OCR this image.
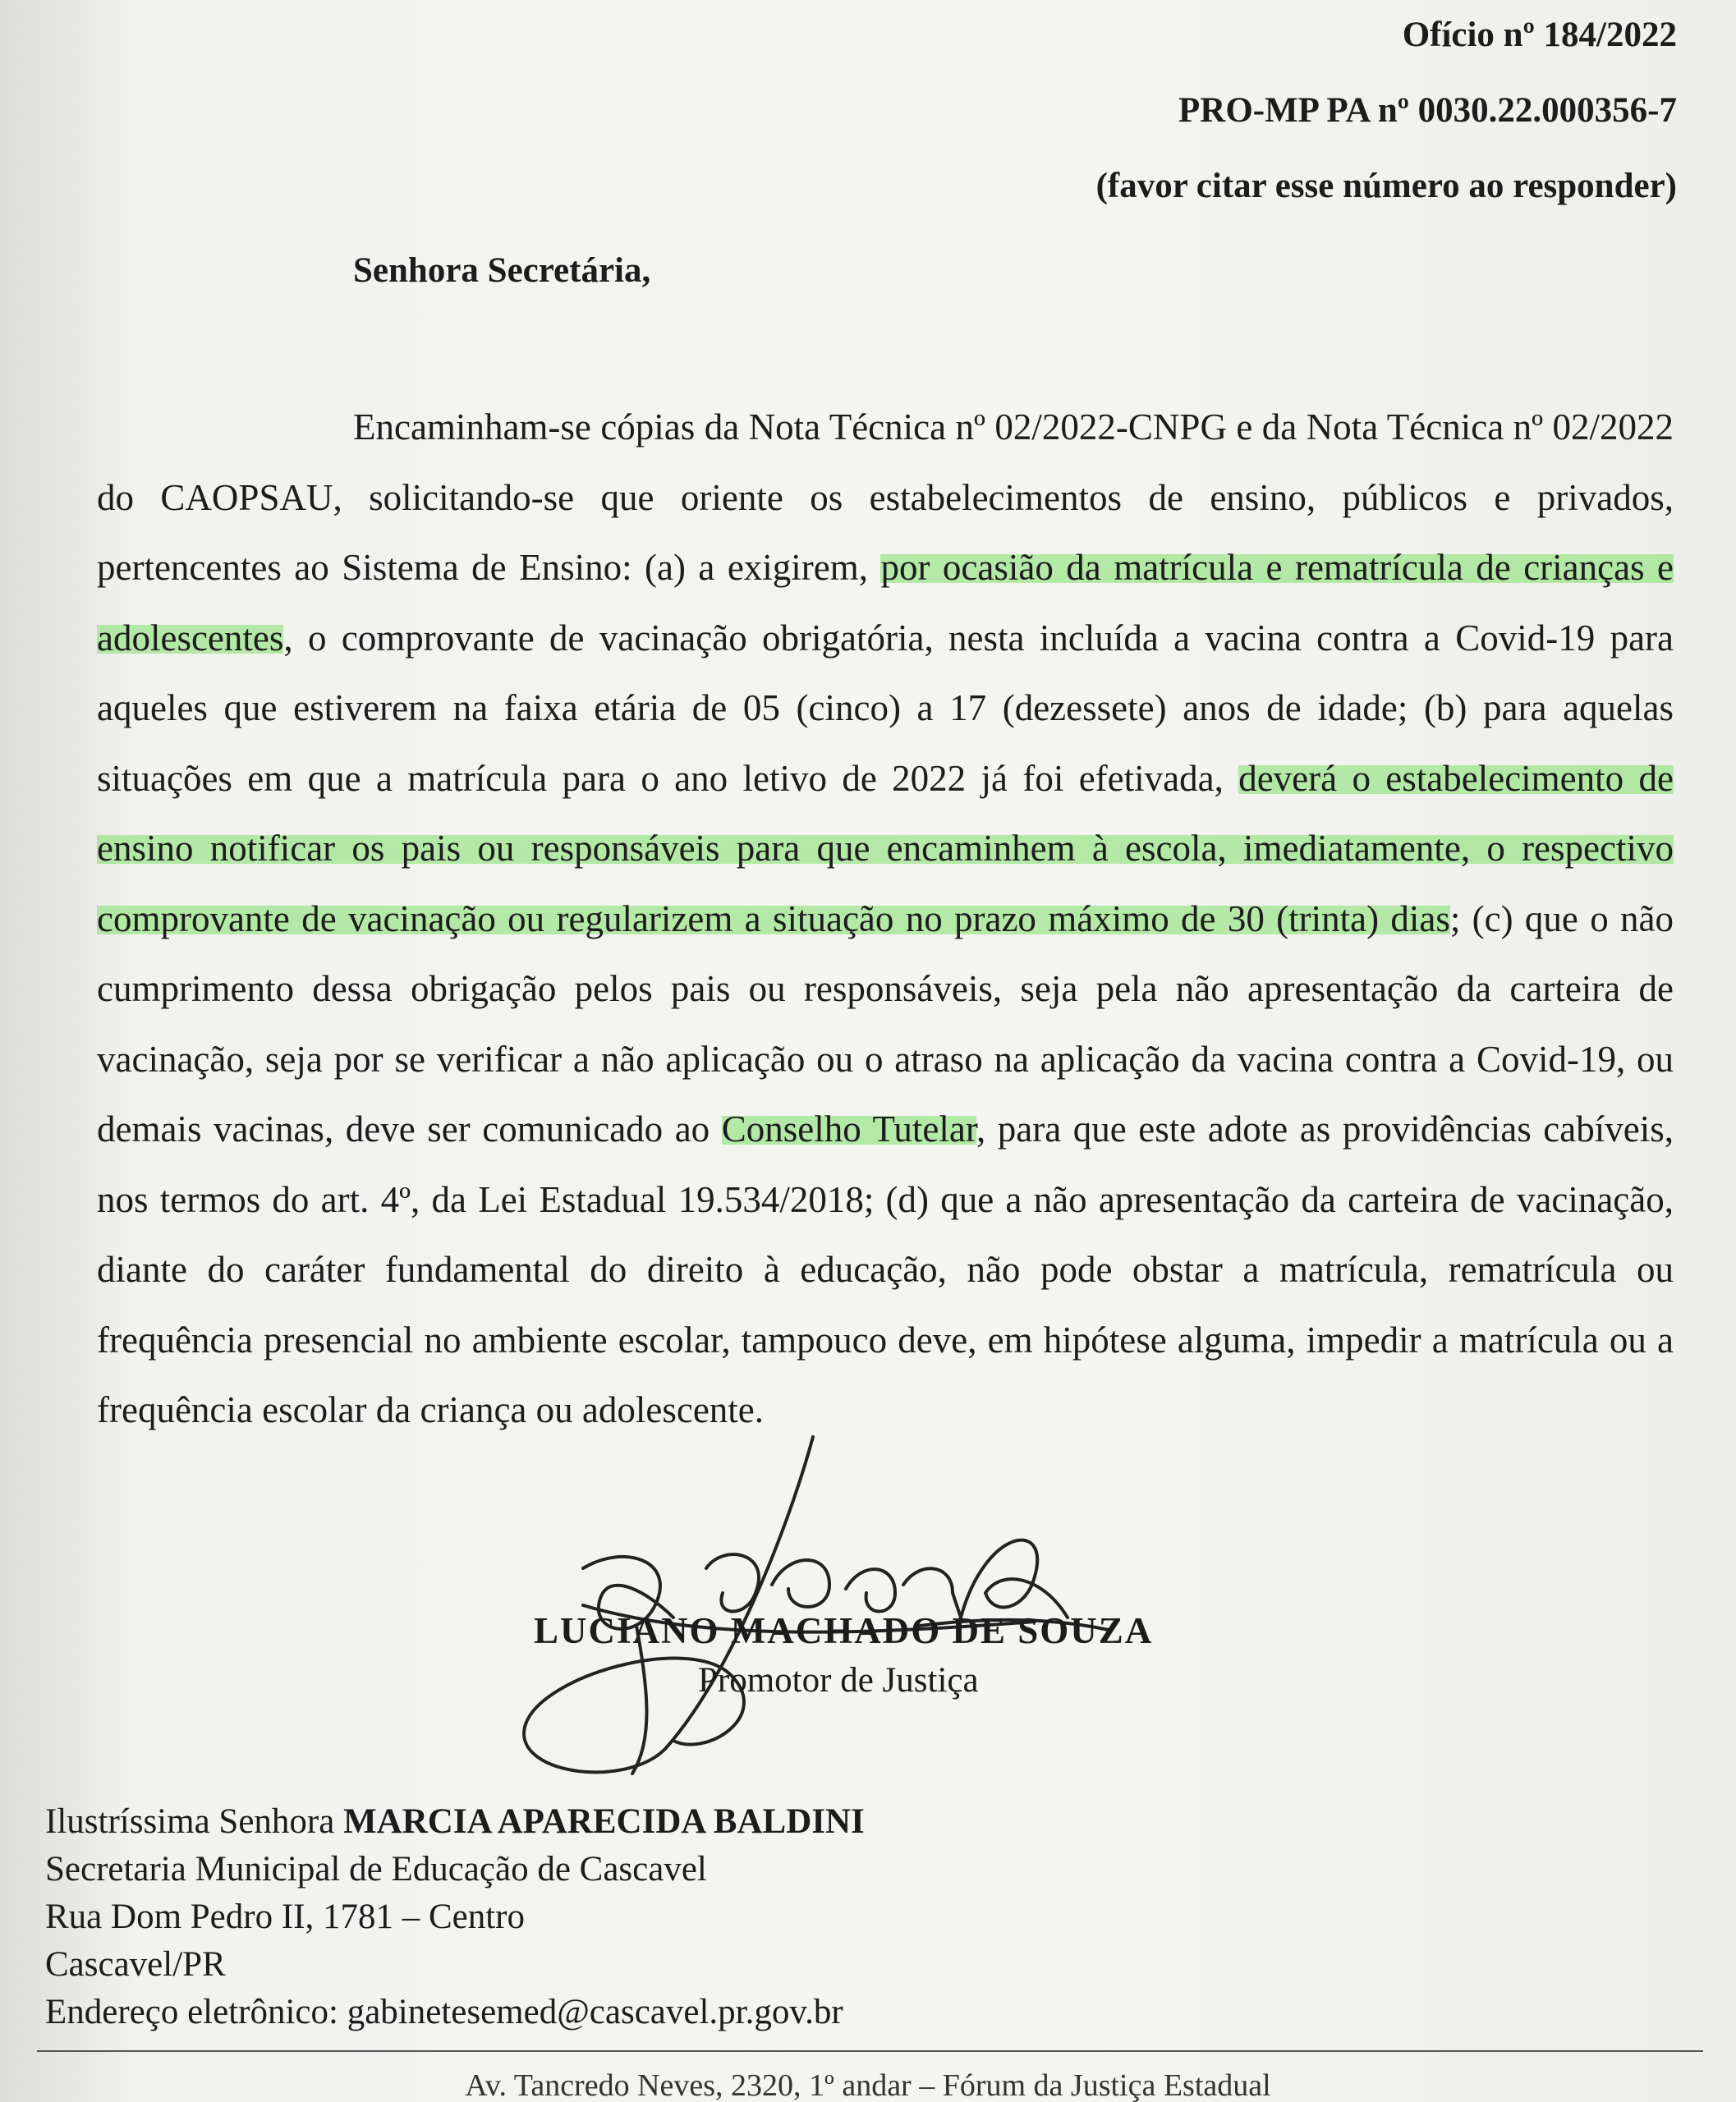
Ofício nº 184/2022
PRO-MP PA nº 0030.22.000356-7
(favor citar esse número ao responder)
Senhora Secretária,
Encaminham-se cópias da Nota Técnica nº 02/2022-CNPG e da Nota Técnica nº 02/2022 do CAOPSAU, solicitando-se que oriente os estabelecimentos de ensino, públicos e privados, pertencentes ao Sistema de Ensino: (a) a exigirem, por ocasião da matrícula e rematrícula de crianças e adolescentes, o comprovante de vacinação obrigatória, nesta incluída a vacina contra a Covid-19 para aqueles que estiverem na faixa etária de 05 (cinco) a 17 (dezessete) anos de idade; (b) para aquelas situações em que a matrícula para o ano letivo de 2022 já foi efetivada, deverá o estabelecimento de ensino notificar os pais ou responsáveis para que encaminhem à escola, imediatamente, o respectivo comprovante de vacinação ou regularizem a situação no prazo máximo de 30 (trinta) dias; (c) que o não cumprimento dessa obrigação pelos pais ou responsáveis, seja pela não apresentação da carteira de vacinação, seja por se verificar a não aplicação ou o atraso na aplicação da vacina contra a Covid-19, ou demais vacinas, deve ser comunicado ao Conselho Tutelar, para que este adote as providências cabíveis, nos termos do art. 4º, da Lei Estadual 19.534/2018; (d) que a não apresentação da carteira de vacinação, diante do caráter fundamental do direito à educação, não pode obstar a matrícula, rematrícula ou frequência presencial no ambiente escolar, tampouco deve, em hipótese alguma, impedir a matrícula ou a frequência escolar da criança ou adolescente.
LUCIANO MACHADO DE SOUZA
Promotor de Justiça
Ilustríssima Senhora MARCIA APARECIDA BALDINI
Secretaria Municipal de Educação de Cascavel
Rua Dom Pedro II, 1781 – Centro
Cascavel/PR
Endereço eletrônico: gabinetesemed@cascavel.pr.gov.br
Av. Tancredo Neves, 2320, 1º andar – Fórum da Justiça Estadual
